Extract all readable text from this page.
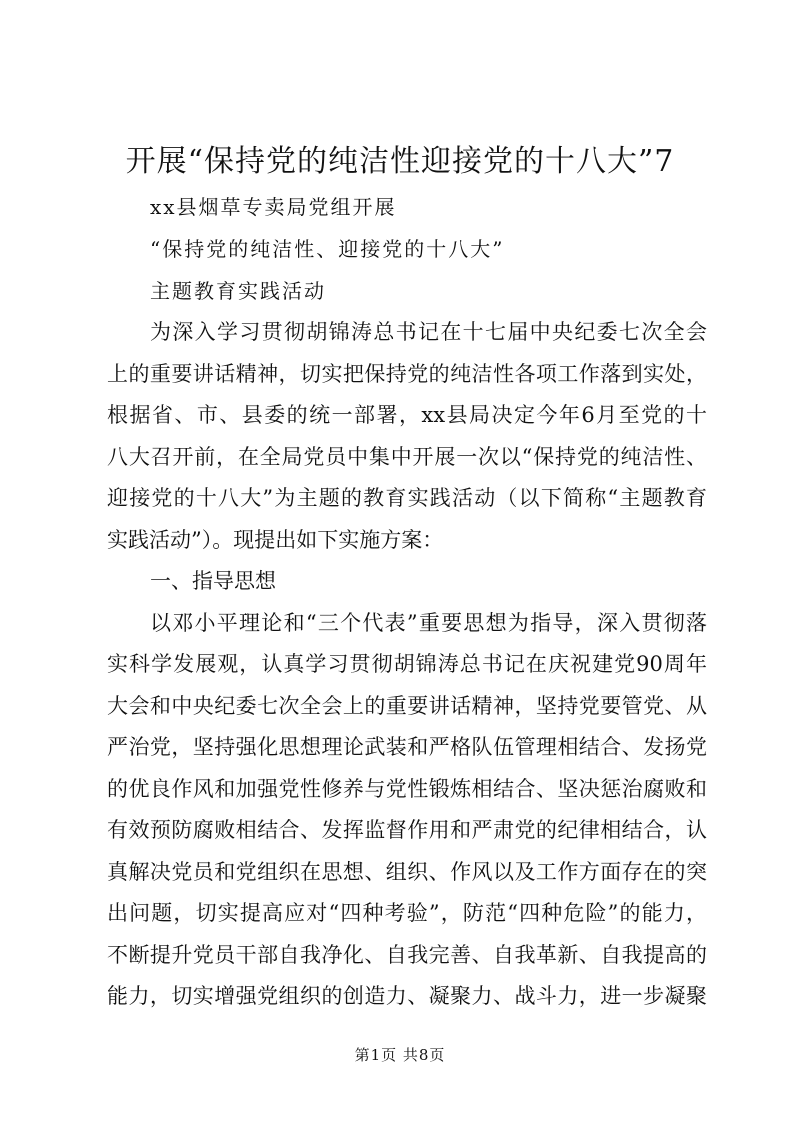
开展“保持党的纯洁性迎接党的十八大”7

xx县烟草专卖局党组开展

“保持党的纯洁性、迎接党的十八大”

主题教育实践活动

为深入学习贯彻胡锦涛总书记在十七届中央纪委七次全会

上的重要讲话精神，切实把保持党的纯洁性各项工作落到实处，

根据省、市、县委的统一部署，xx县局决定今年6月至党的十

八大召开前，在全局党员中集中开展一次以“保持党的纯洁性、

迎接党的十八大”为主题的教育实践活动（以下简称“主题教育

实践活动”）。现提出如下实施方案：

一、指导思想

以邓小平理论和“三个代表”重要思想为指导，深入贯彻落

实科学发展观，认真学习贯彻胡锦涛总书记在庆祝建党90周年

大会和中央纪委七次全会上的重要讲话精神，坚持党要管党、从

严治党，坚持强化思想理论武装和严格队伍管理相结合、发扬党

的优良作风和加强党性修养与党性锻炼相结合、坚决惩治腐败和

有效预防腐败相结合、发挥监督作用和严肃党的纪律相结合，认

真解决党员和党组织在思想、组织、作风以及工作方面存在的突

出问题，切实提高应对“四种考验”，防范“四种危险”的能力，

不断提升党员干部自我净化、自我完善、自我革新、自我提高的

能力，切实增强党组织的创造力、凝聚力、战斗力，进一步凝聚

第1页 共8页
